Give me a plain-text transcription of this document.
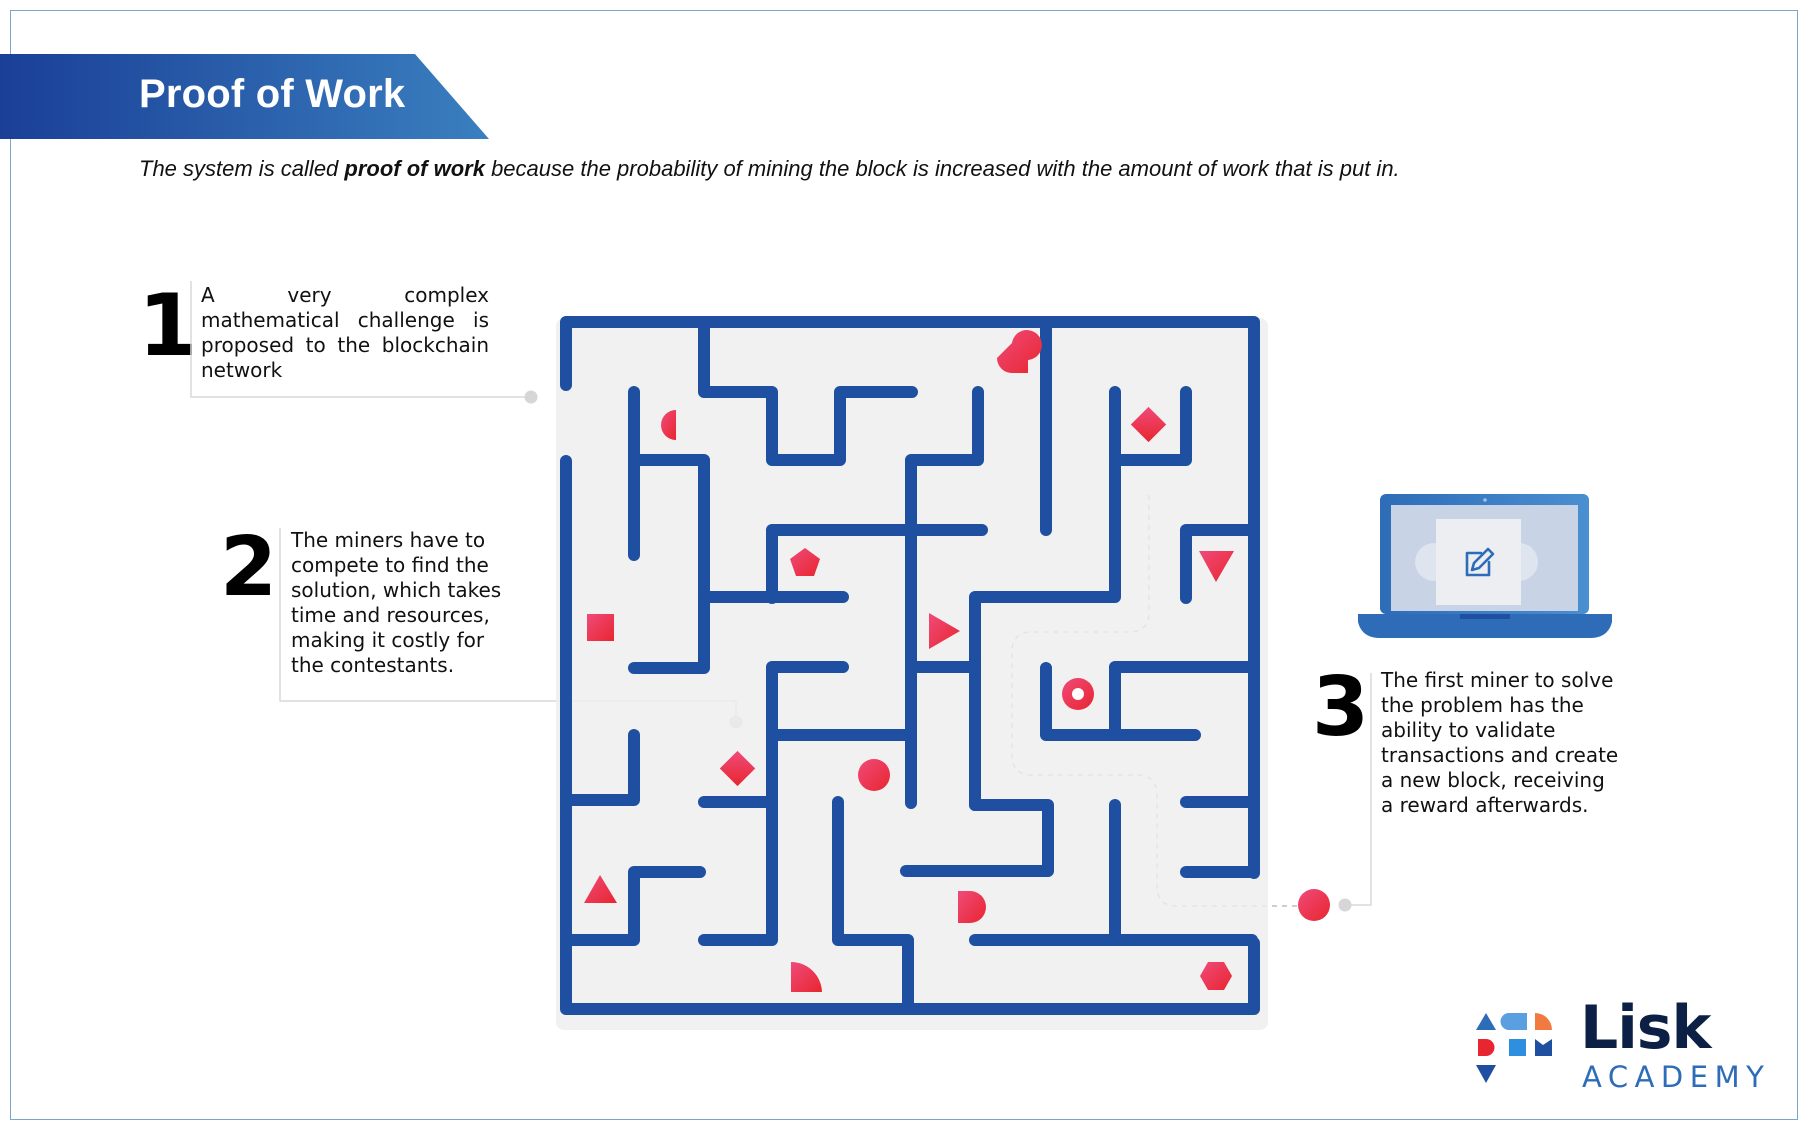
Proof of Work
The system is called proof of work because the probability of mining the block is increased with the amount of work that is put in.
1 A very complex mathematical challenge is proposed to the blockchain network
2 The miners have to compete to find the solution, which takes time and resources, making it costly for the contestants.	3 The first miner to solve the problem has the ability to validate transactions and create a new block, receiving a reward afterwards.
Lisk
ACADEMY
